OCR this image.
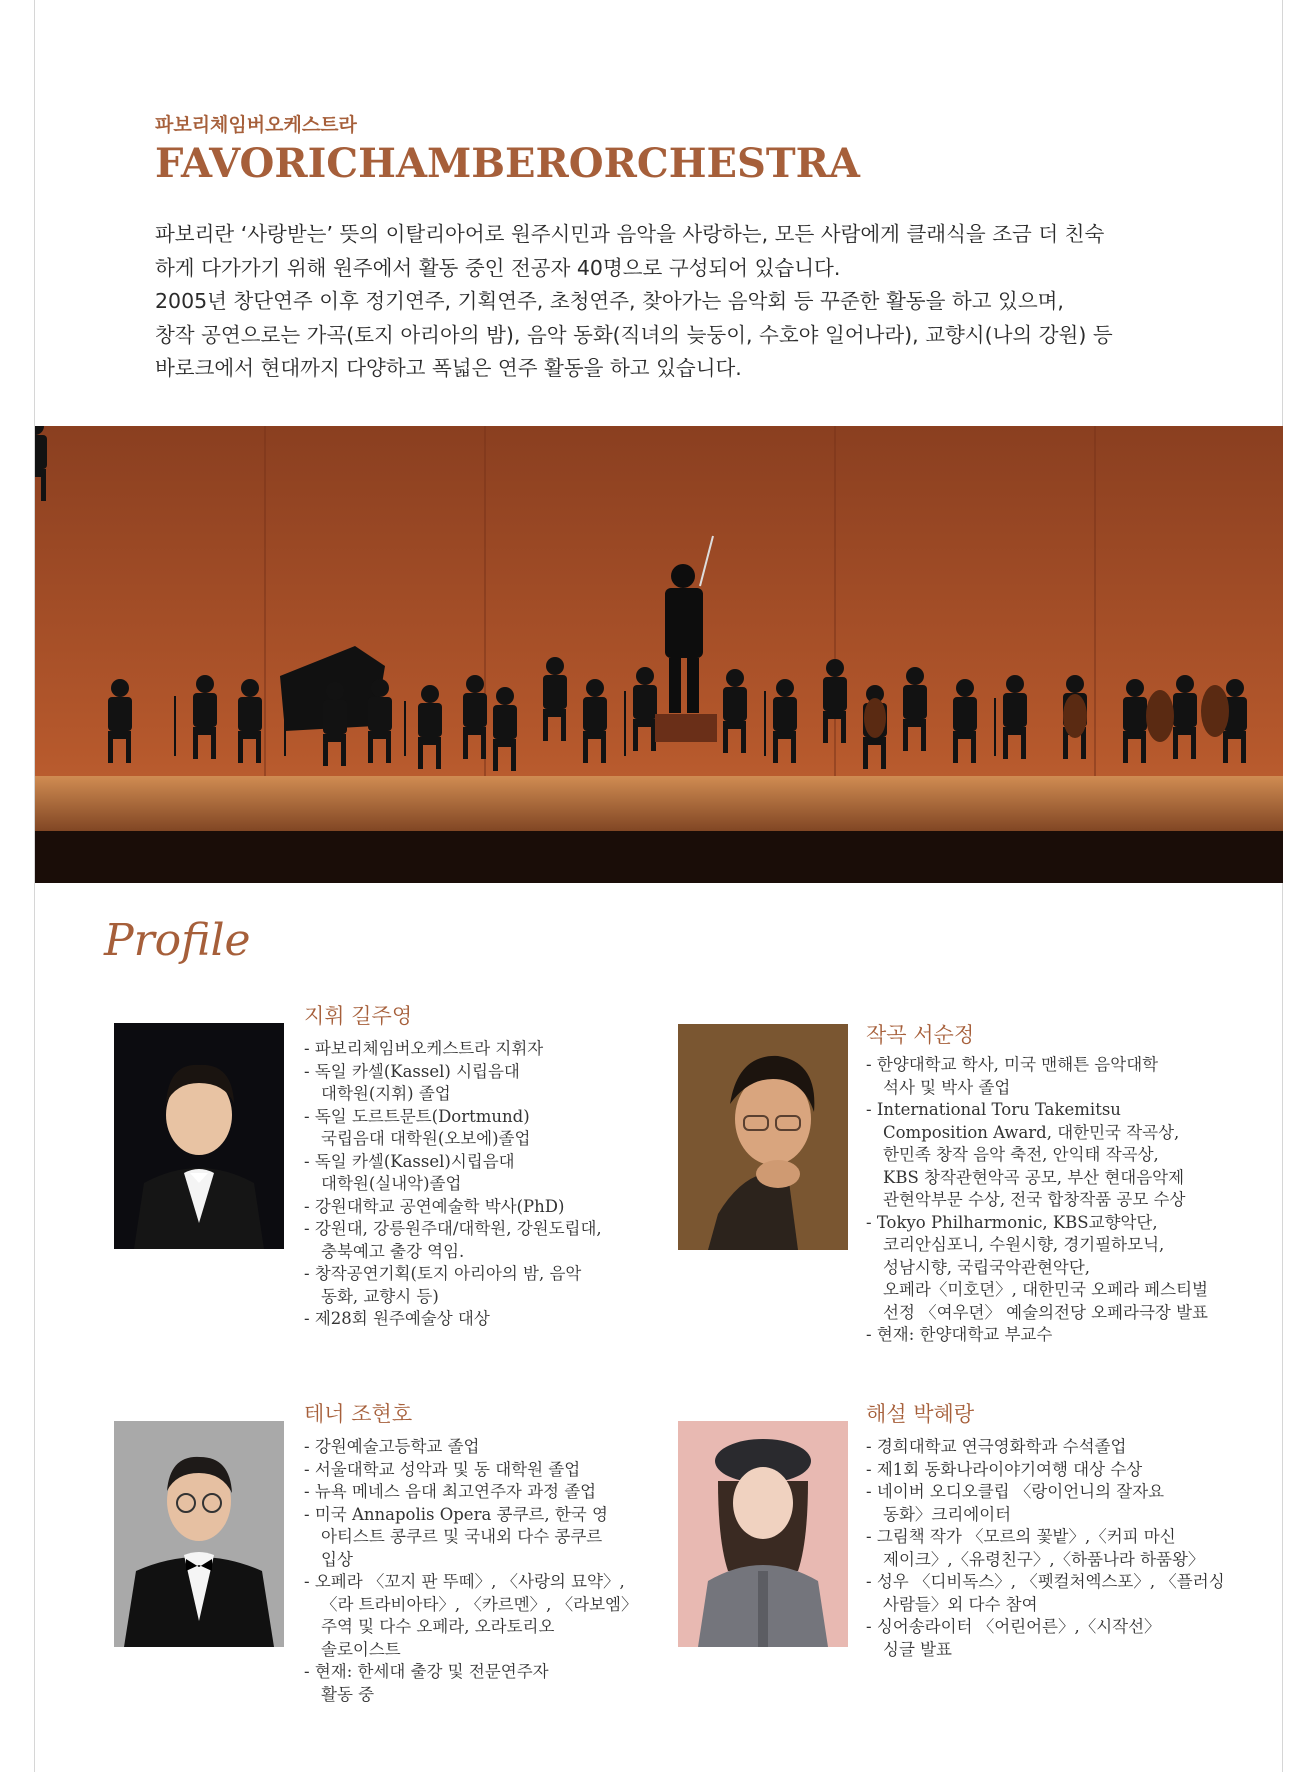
파보리체임버오케스트라
FAVORICHAMBERORCHESTRA

파보리란 ‘사랑받는’ 뜻의 이탈리아어로 원주시민과 음악을 사랑하는, 모든 사람에게 클래식을 조금 더 친숙

하게 다가가기 위해 원주에서 활동 중인 전공자 40명으로 구성되어 있습니다.

2005년 창단연주 이후 정기연주, 기획연주, 초청연주, 찾아가는 음악회 등 꾸준한 활동을 하고 있으며,

창작 공연으로는 가곡(토지 아리아의 밤), 음악 동화(직녀의 늦둥이, 수호야 일어나라), 교향시(나의 강원) 등

바로크에서 현대까지 다양하고 폭넓은 연주 활동을 하고 있습니다.

Profile
지휘 길주영
- 파보리체임버오케스트라 지휘자
- 독일 카셀(Kassel) 시립음대
대학원(지휘) 졸업
- 독일 도르트문트(Dortmund)
국립음대 대학원(오보에)졸업
- 독일 카셀(Kassel)시립음대
대학원(실내악)졸업
- 강원대학교 공연예술학 박사(PhD)
- 강원대, 강릉원주대/대학원, 강원도립대,
충북예고 출강 역임.
- 창작공연기획(토지 아리아의 밤, 음악
동화, 교향시 등)
- 제28회 원주예술상 대상
작곡 서순정
- 한양대학교 학사, 미국 맨해튼 음악대학
석사 및 박사 졸업
- International Toru Takemitsu
Composition Award, 대한민국 작곡상,
한민족 창작 음악 축전, 안익태 작곡상,
KBS 창작관현악곡 공모, 부산 현대음악제
관현악부문 수상, 전국 합창작품 공모 수상
- Tokyo Philharmonic, KBS교향악단,
코리안심포니, 수원시향, 경기필하모닉,
성남시향, 국립국악관현악단,
오페라〈미호뎐〉, 대한민국 오페라 페스티벌
선정 〈여우뎐〉 예술의전당 오페라극장 발표
- 현재: 한양대학교 부교수
테너 조현호
- 강원예술고등학교 졸업
- 서울대학교 성악과 및 동 대학원 졸업
- 뉴욕 메네스 음대 최고연주자 과정 졸업
- 미국 Annapolis Opera 콩쿠르, 한국 영
아티스트 콩쿠르 및 국내외 다수 콩쿠르
입상
- 오페라 〈꼬지 판 뚜떼〉, 〈사랑의 묘약〉,
〈라 트라비아타〉, 〈카르멘〉, 〈라보엠〉
주역 및 다수 오페라, 오라토리오
솔로이스트
- 현재: 한세대 출강 및 전문연주자
활동 중
해설 박혜랑
- 경희대학교 연극영화학과 수석졸업
- 제1회 동화나라이야기여행 대상 수상
- 네이버 오디오클립 〈랑이언니의 잘자요
동화〉크리에이터
- 그림책 작가 〈모르의 꽃밭〉,〈커피 마신
제이크〉,〈유령친구〉,〈하품나라 하품왕〉
- 성우 〈디비독스〉, 〈펫컬처엑스포〉, 〈플러싱
사람들〉외 다수 참여
- 싱어송라이터 〈어린어른〉,〈시작선〉
싱글 발표
